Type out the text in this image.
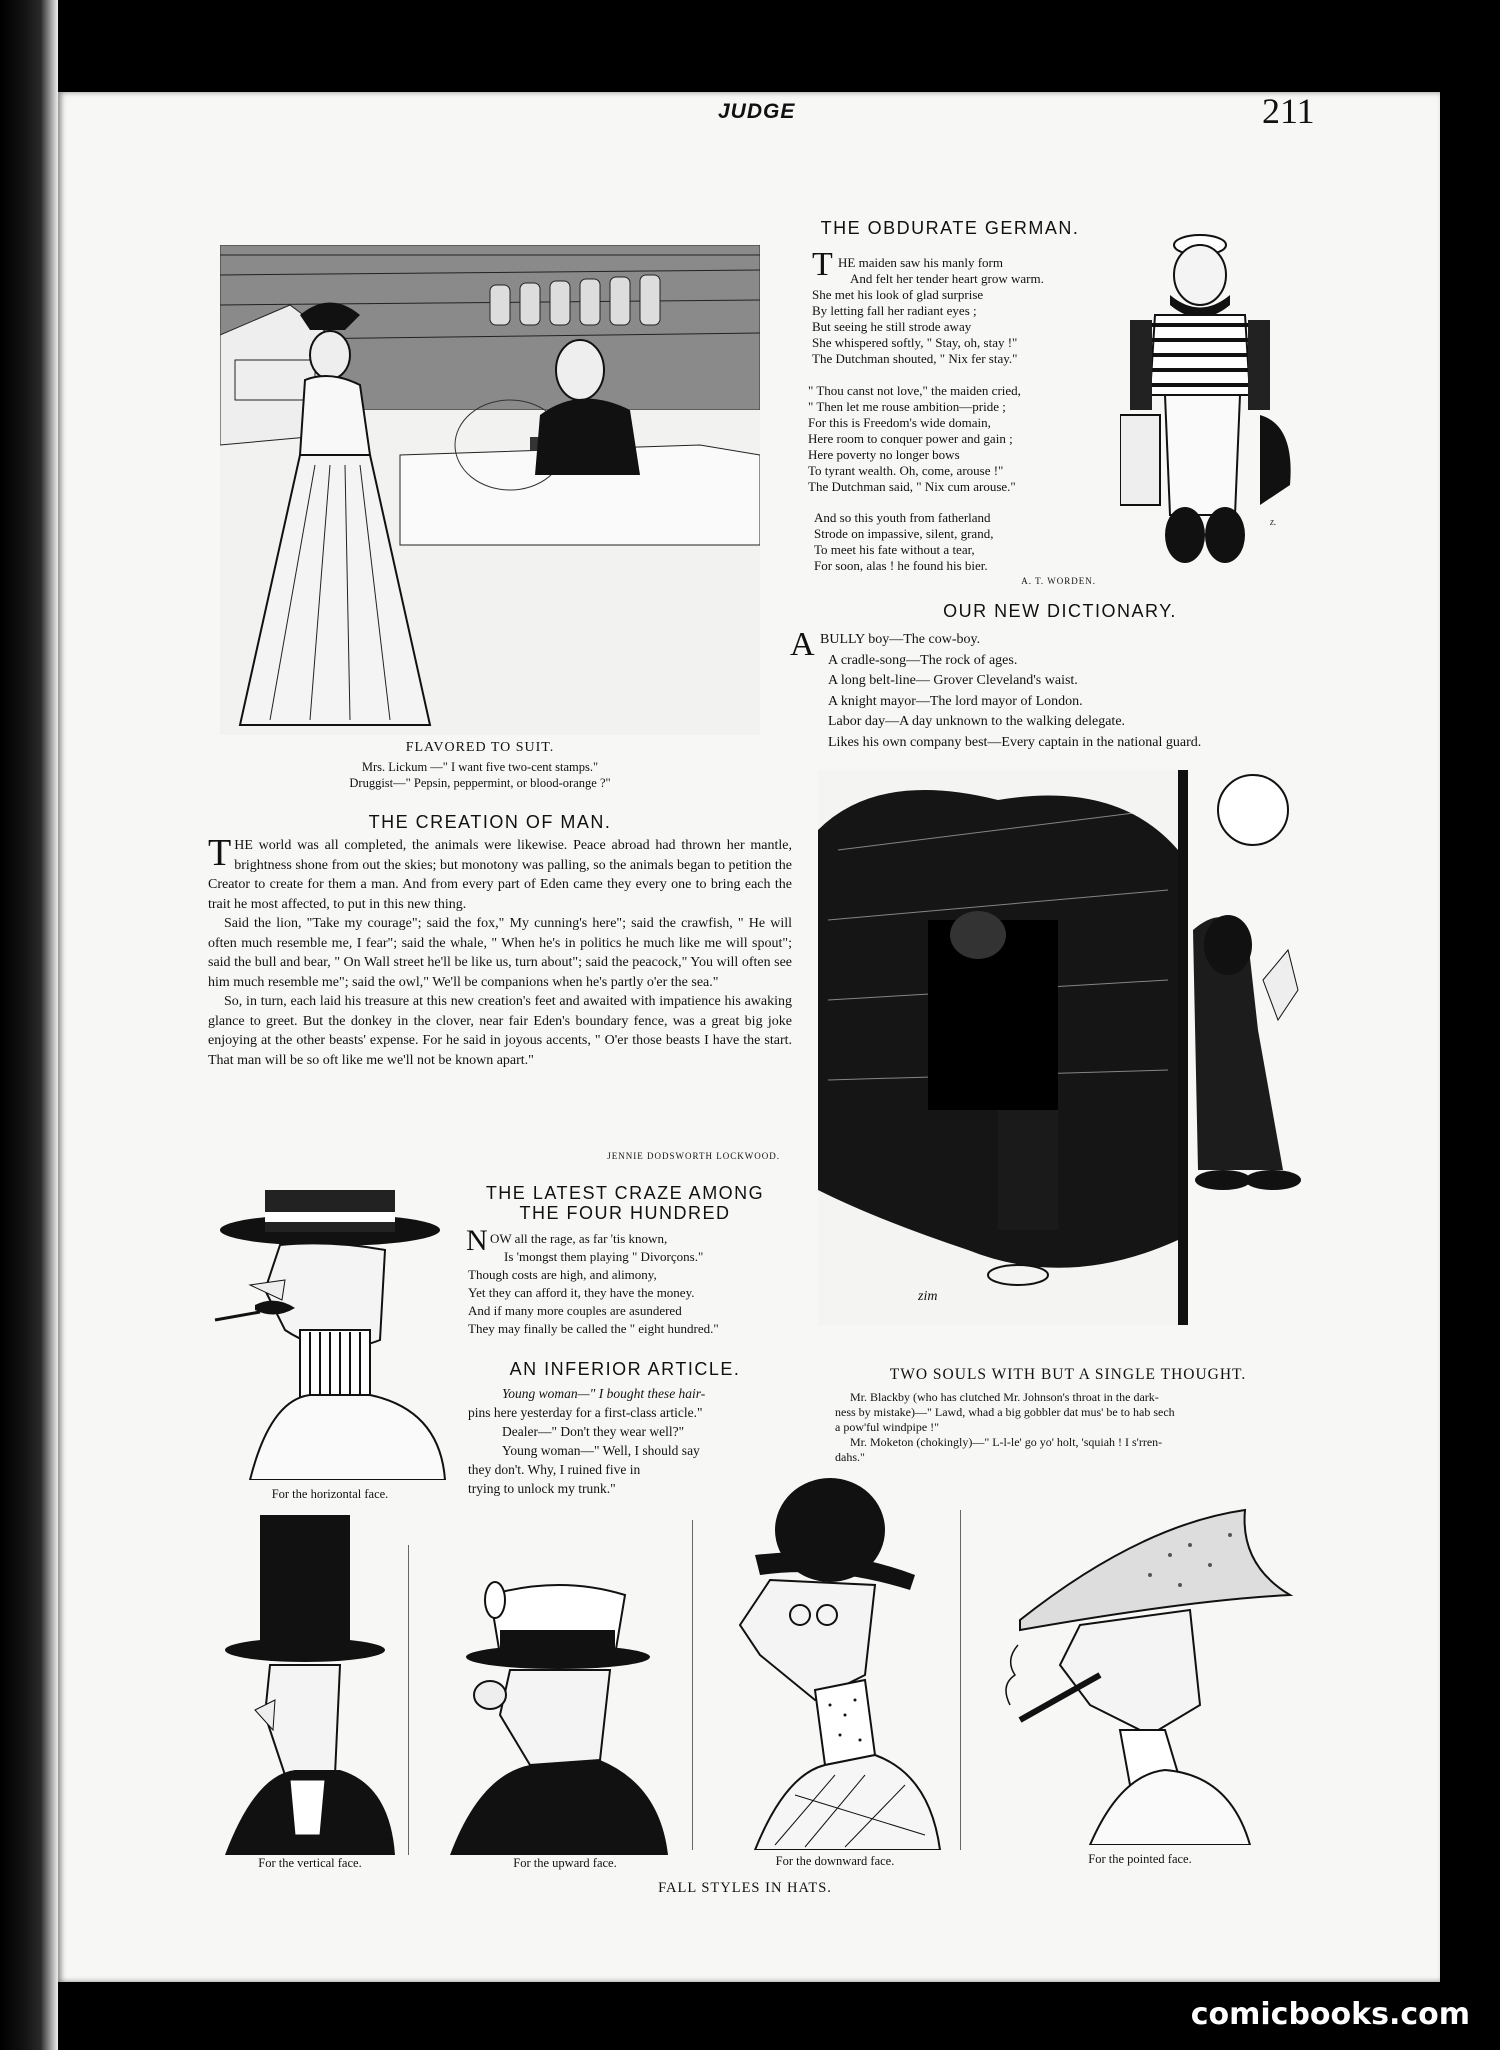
JUDGE	211
FLAVORED TO SUIT.
Mrs. Lickum —" I want five two-cent stamps."
Druggist—" Pepsin, peppermint, or blood-orange ?"
THE OBDURATE GERMAN.
T HE maiden saw his manly form
And felt her tender heart grow warm.
She met his look of glad surprise
By letting fall her radiant eyes ;
But seeing he still strode away
She whispered softly, " Stay, oh, stay !"
The Dutchman shouted, " Nix fer stay."
" Thou canst not love," the maiden cried,
" Then let me rouse ambition—pride ;
For this is Freedom's wide domain,
Here room to conquer power and gain ;
Here poverty no longer bows
To tyrant wealth. Oh, come, arouse !"
The Dutchman said, " Nix cum arouse."
And so this youth from fatherland
Strode on impassive, silent, grand,
To meet his fate without a tear,
For soon, alas ! he found his bier.
A. T. WORDEN.
z.
OUR NEW DICTIONARY.
A BULLY boy—The cow-boy.
A cradle-song—The rock of ages.
A long belt-line— Grover Cleveland's waist.
A knight mayor—The lord mayor of London.
Labor day—A day unknown to the walking delegate.
Likes his own company best—Every captain in the national guard.
zim
TWO SOULS WITH BUT A SINGLE THOUGHT.
Mr. Blackby (who has clutched Mr. Johnson's throat in the dark-
ness by mistake)—" Lawd, whad a big gobbler dat mus' be to hab sech
a pow'ful windpipe !"
Mr. Moketon (chokingly)—" L-l-le' go yo' holt, 'squiah ! I s'rren-
dahs."
THE CREATION OF MAN.

THE world was all completed, the animals were likewise. Peace abroad had thrown her mantle, brightness shone from out the skies; but monotony was palling, so the animals began to petition the Creator to create for them a man. And from every part of Eden came they every one to bring each the trait he most affected, to put in this new thing.

Said the lion, "Take my courage"; said the fox," My cunning's here"; said the crawfish, " He will often much resemble me, I fear"; said the whale, " When he's in politics he much like me will spout"; said the bull and bear, " On Wall street he'll be like us, turn about"; said the peacock," You will often see him much resemble me"; said the owl," We'll be companions when he's partly o'er the sea."

So, in turn, each laid his treasure at this new creation's feet and awaited with impatience his awaking glance to greet. But the donkey in the clover, near fair Eden's boundary fence, was a great big joke enjoying at the other beasts' expense. For he said in joyous accents, " O'er those beasts I have the start. That man will be so oft like me we'll not be known apart."

JENNIE DODSWORTH LOCKWOOD.
For the horizontal face.
THE LATEST CRAZE AMONG
THE FOUR HUNDRED
N OW all the rage, as far 'tis known,
Is 'mongst them playing " Divorçons."
Though costs are high, and alimony,
Yet they can afford it, they have the money.
And if many more couples are asundered
They may finally be called the " eight hundred."
AN INFERIOR ARTICLE.
Young woman—" I bought these hair-
pins here yesterday for a first-class article."
Dealer—" Don't they wear well?"
Young woman—" Well, I should say
they don't. Why, I ruined five in
trying to unlock my trunk."
For the vertical face.	For the upward face.	For the downward face.	For the pointed face.
FALL STYLES IN HATS.
comicbooks.com
